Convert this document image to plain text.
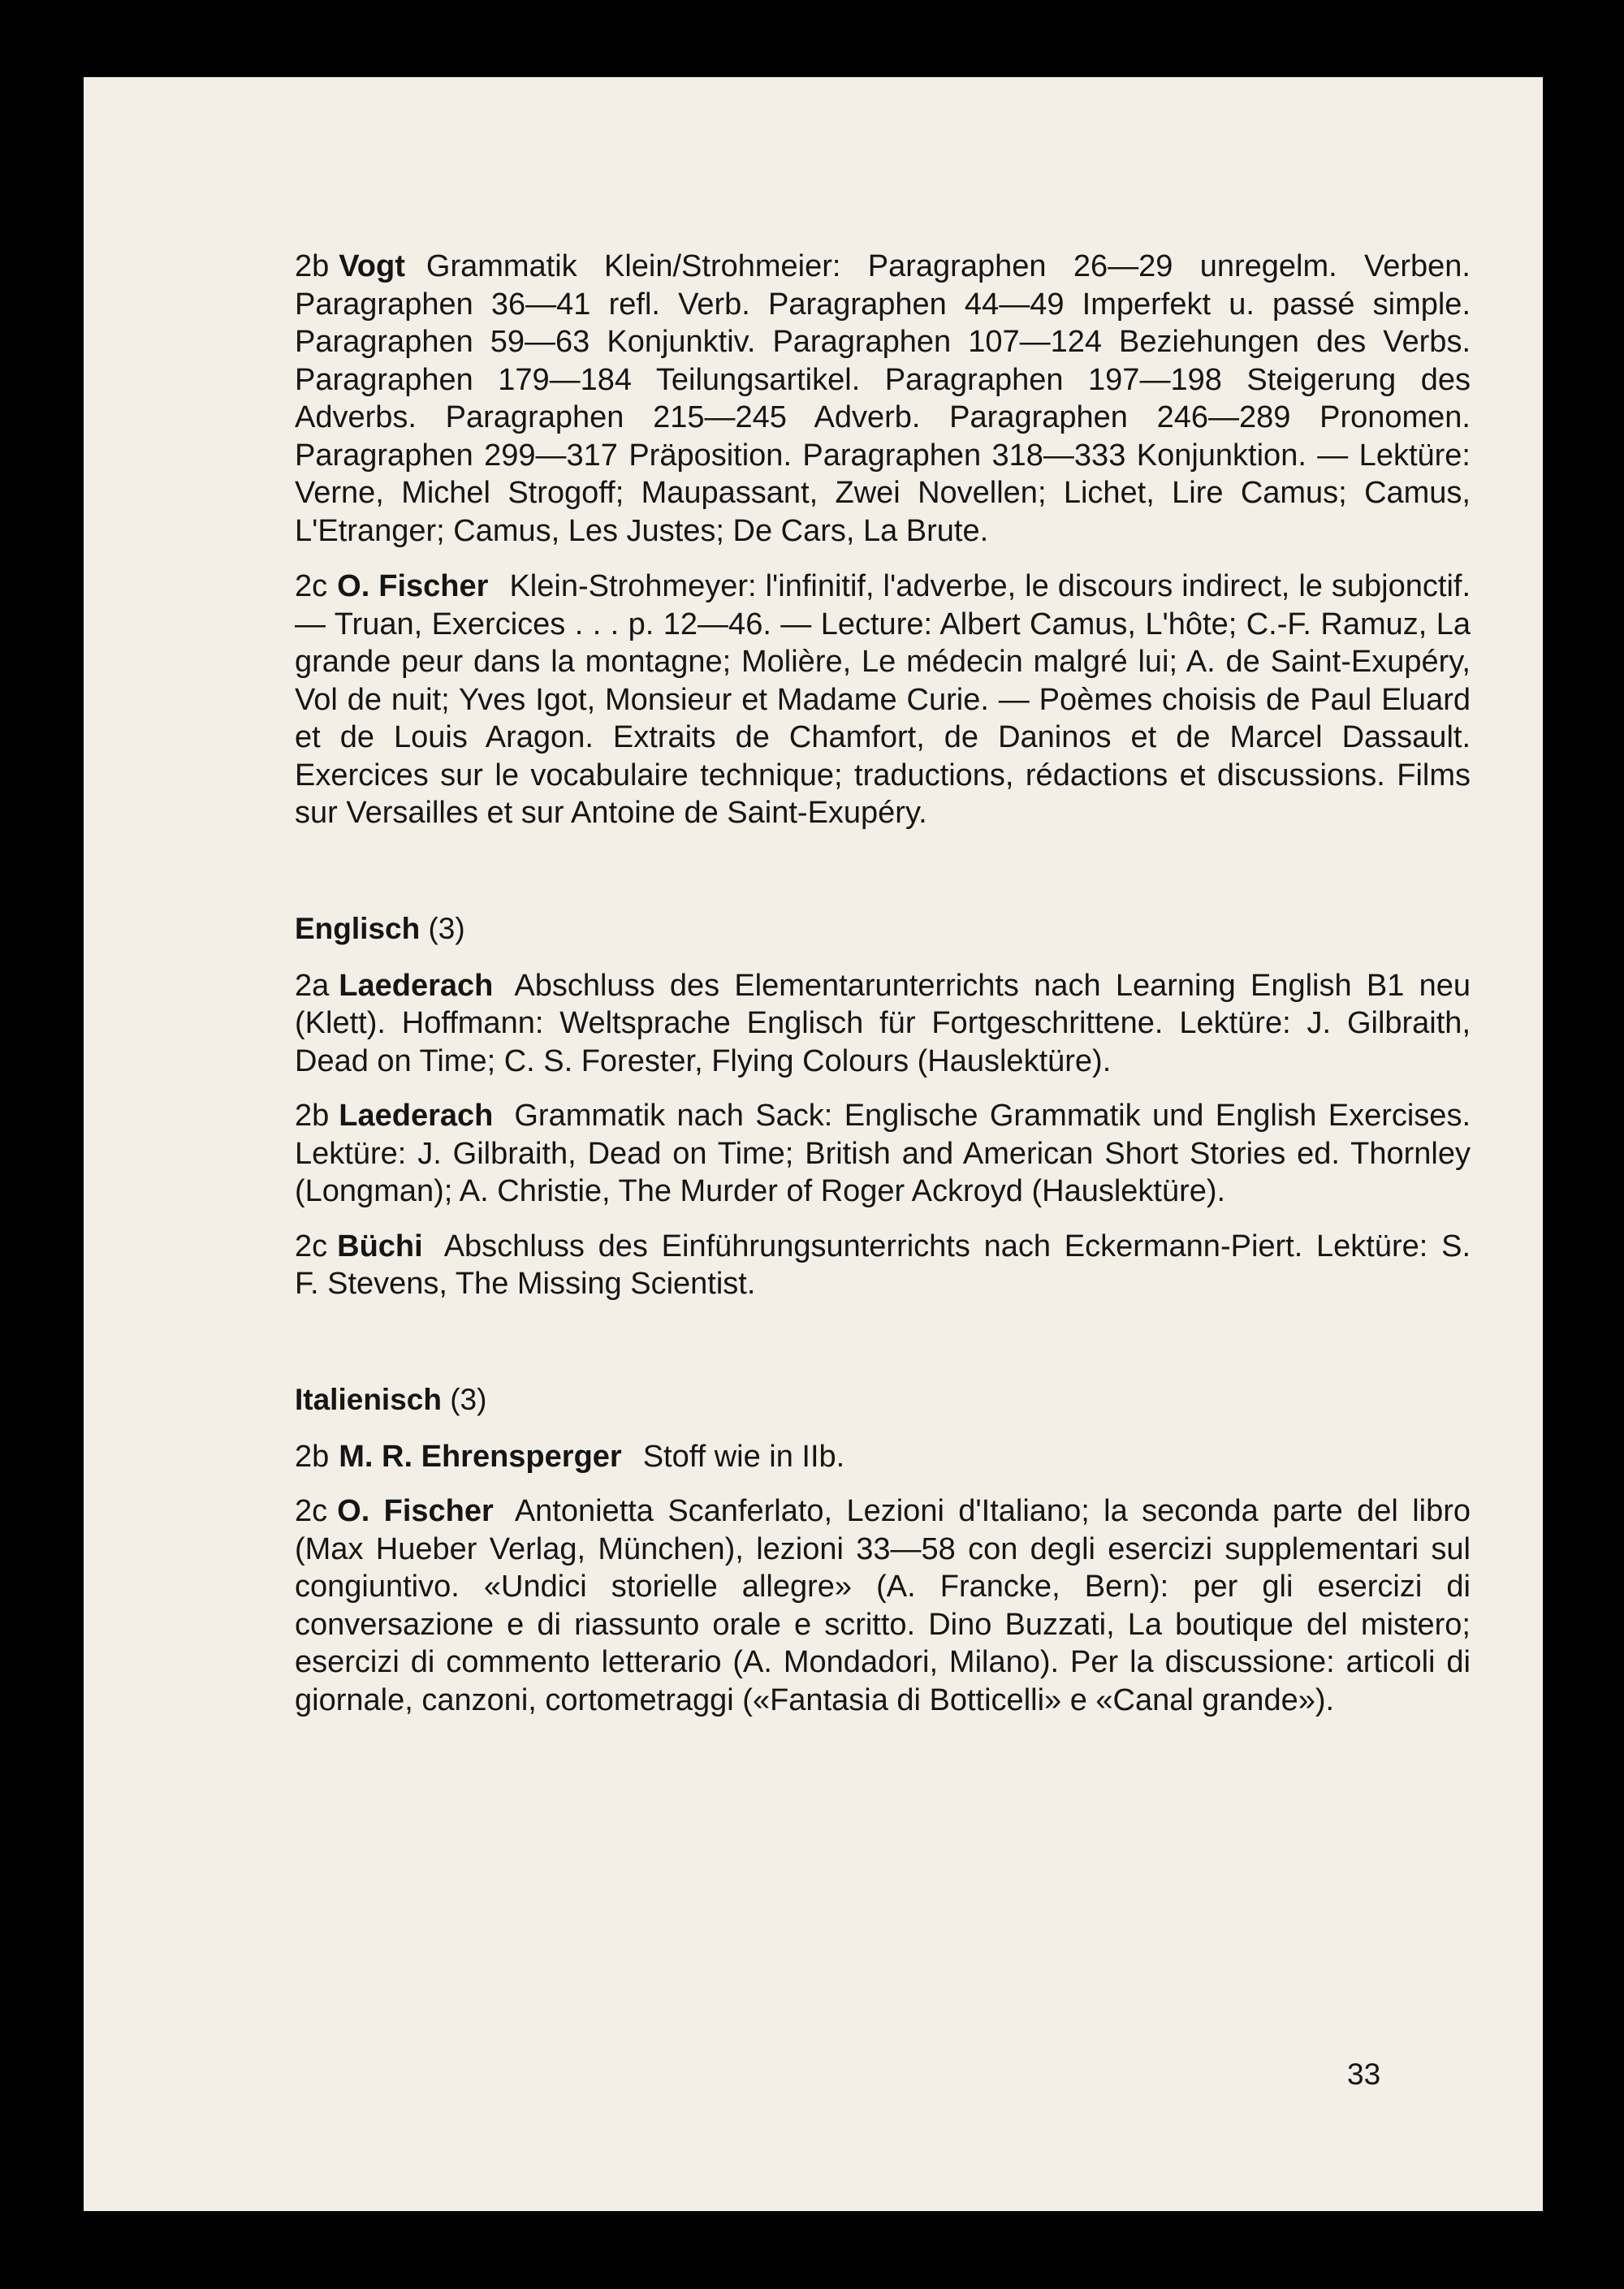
2b Vogt Grammatik Klein/Strohmeier: Paragraphen 26—29 unregelm. Verben. Paragraphen 36—41 refl. Verb. Paragraphen 44—49 Imperfekt u. passé simple. Paragraphen 59—63 Konjunktiv. Paragraphen 107—124 Beziehungen des Verbs. Paragraphen 179—184 Teilungsartikel. Paragraphen 197—198 Steigerung des Adverbs. Paragraphen 215—245 Adverb. Paragraphen 246—289 Pronomen. Paragraphen 299—317 Präposition. Paragraphen 318—333 Konjunktion. — Lektüre: Verne, Michel Strogoff; Maupassant, Zwei Novellen; Lichet, Lire Camus; Camus, L'Etranger; Camus, Les Justes; De Cars, La Brute.

2c O. Fischer Klein-Strohmeyer: l'infinitif, l'adverbe, le discours indirect, le subjonctif. — Truan, Exercices . . . p. 12—46. — Lecture: Albert Camus, L'hôte; C.-F. Ramuz, La grande peur dans la montagne; Molière, Le médecin malgré lui; A. de Saint-Exupéry, Vol de nuit; Yves Igot, Monsieur et Madame Curie. — Poèmes choisis de Paul Eluard et de Louis Aragon. Extraits de Chamfort, de Daninos et de Marcel Dassault. Exercices sur le vocabulaire technique; traductions, rédactions et discussions. Films sur Versailles et sur Antoine de Saint-Exupéry.

Englisch (3)

2a Laederach Abschluss des Elementarunterrichts nach Learning English B1 neu (Klett). Hoffmann: Weltsprache Englisch für Fortgeschrittene. Lektüre: J. Gilbraith, Dead on Time; C. S. Forester, Flying Colours (Hauslektüre).

2b Laederach Grammatik nach Sack: Englische Grammatik und English Exercises. Lektüre: J. Gilbraith, Dead on Time; British and American Short Stories ed. Thornley (Longman); A. Christie, The Murder of Roger Ackroyd (Hauslektüre).

2c Büchi Abschluss des Einführungsunterrichts nach Eckermann-Piert. Lektüre: S. F. Stevens, The Missing Scientist.

Italienisch (3)

2b M. R. Ehrensperger Stoff wie in IIb.

2c O. Fischer Antonietta Scanferlato, Lezioni d'Italiano; la seconda parte del libro (Max Hueber Verlag, München), lezioni 33—58 con degli esercizi supplementari sul congiuntivo. «Undici storielle allegre» (A. Francke, Bern): per gli esercizi di conversazione e di riassunto orale e scritto. Dino Buzzati, La boutique del mistero; esercizi di commento letterario (A. Mondadori, Milano). Per la discussione: articoli di giornale, canzoni, cortometraggi («Fantasia di Botticelli» e «Canal grande»).

33
